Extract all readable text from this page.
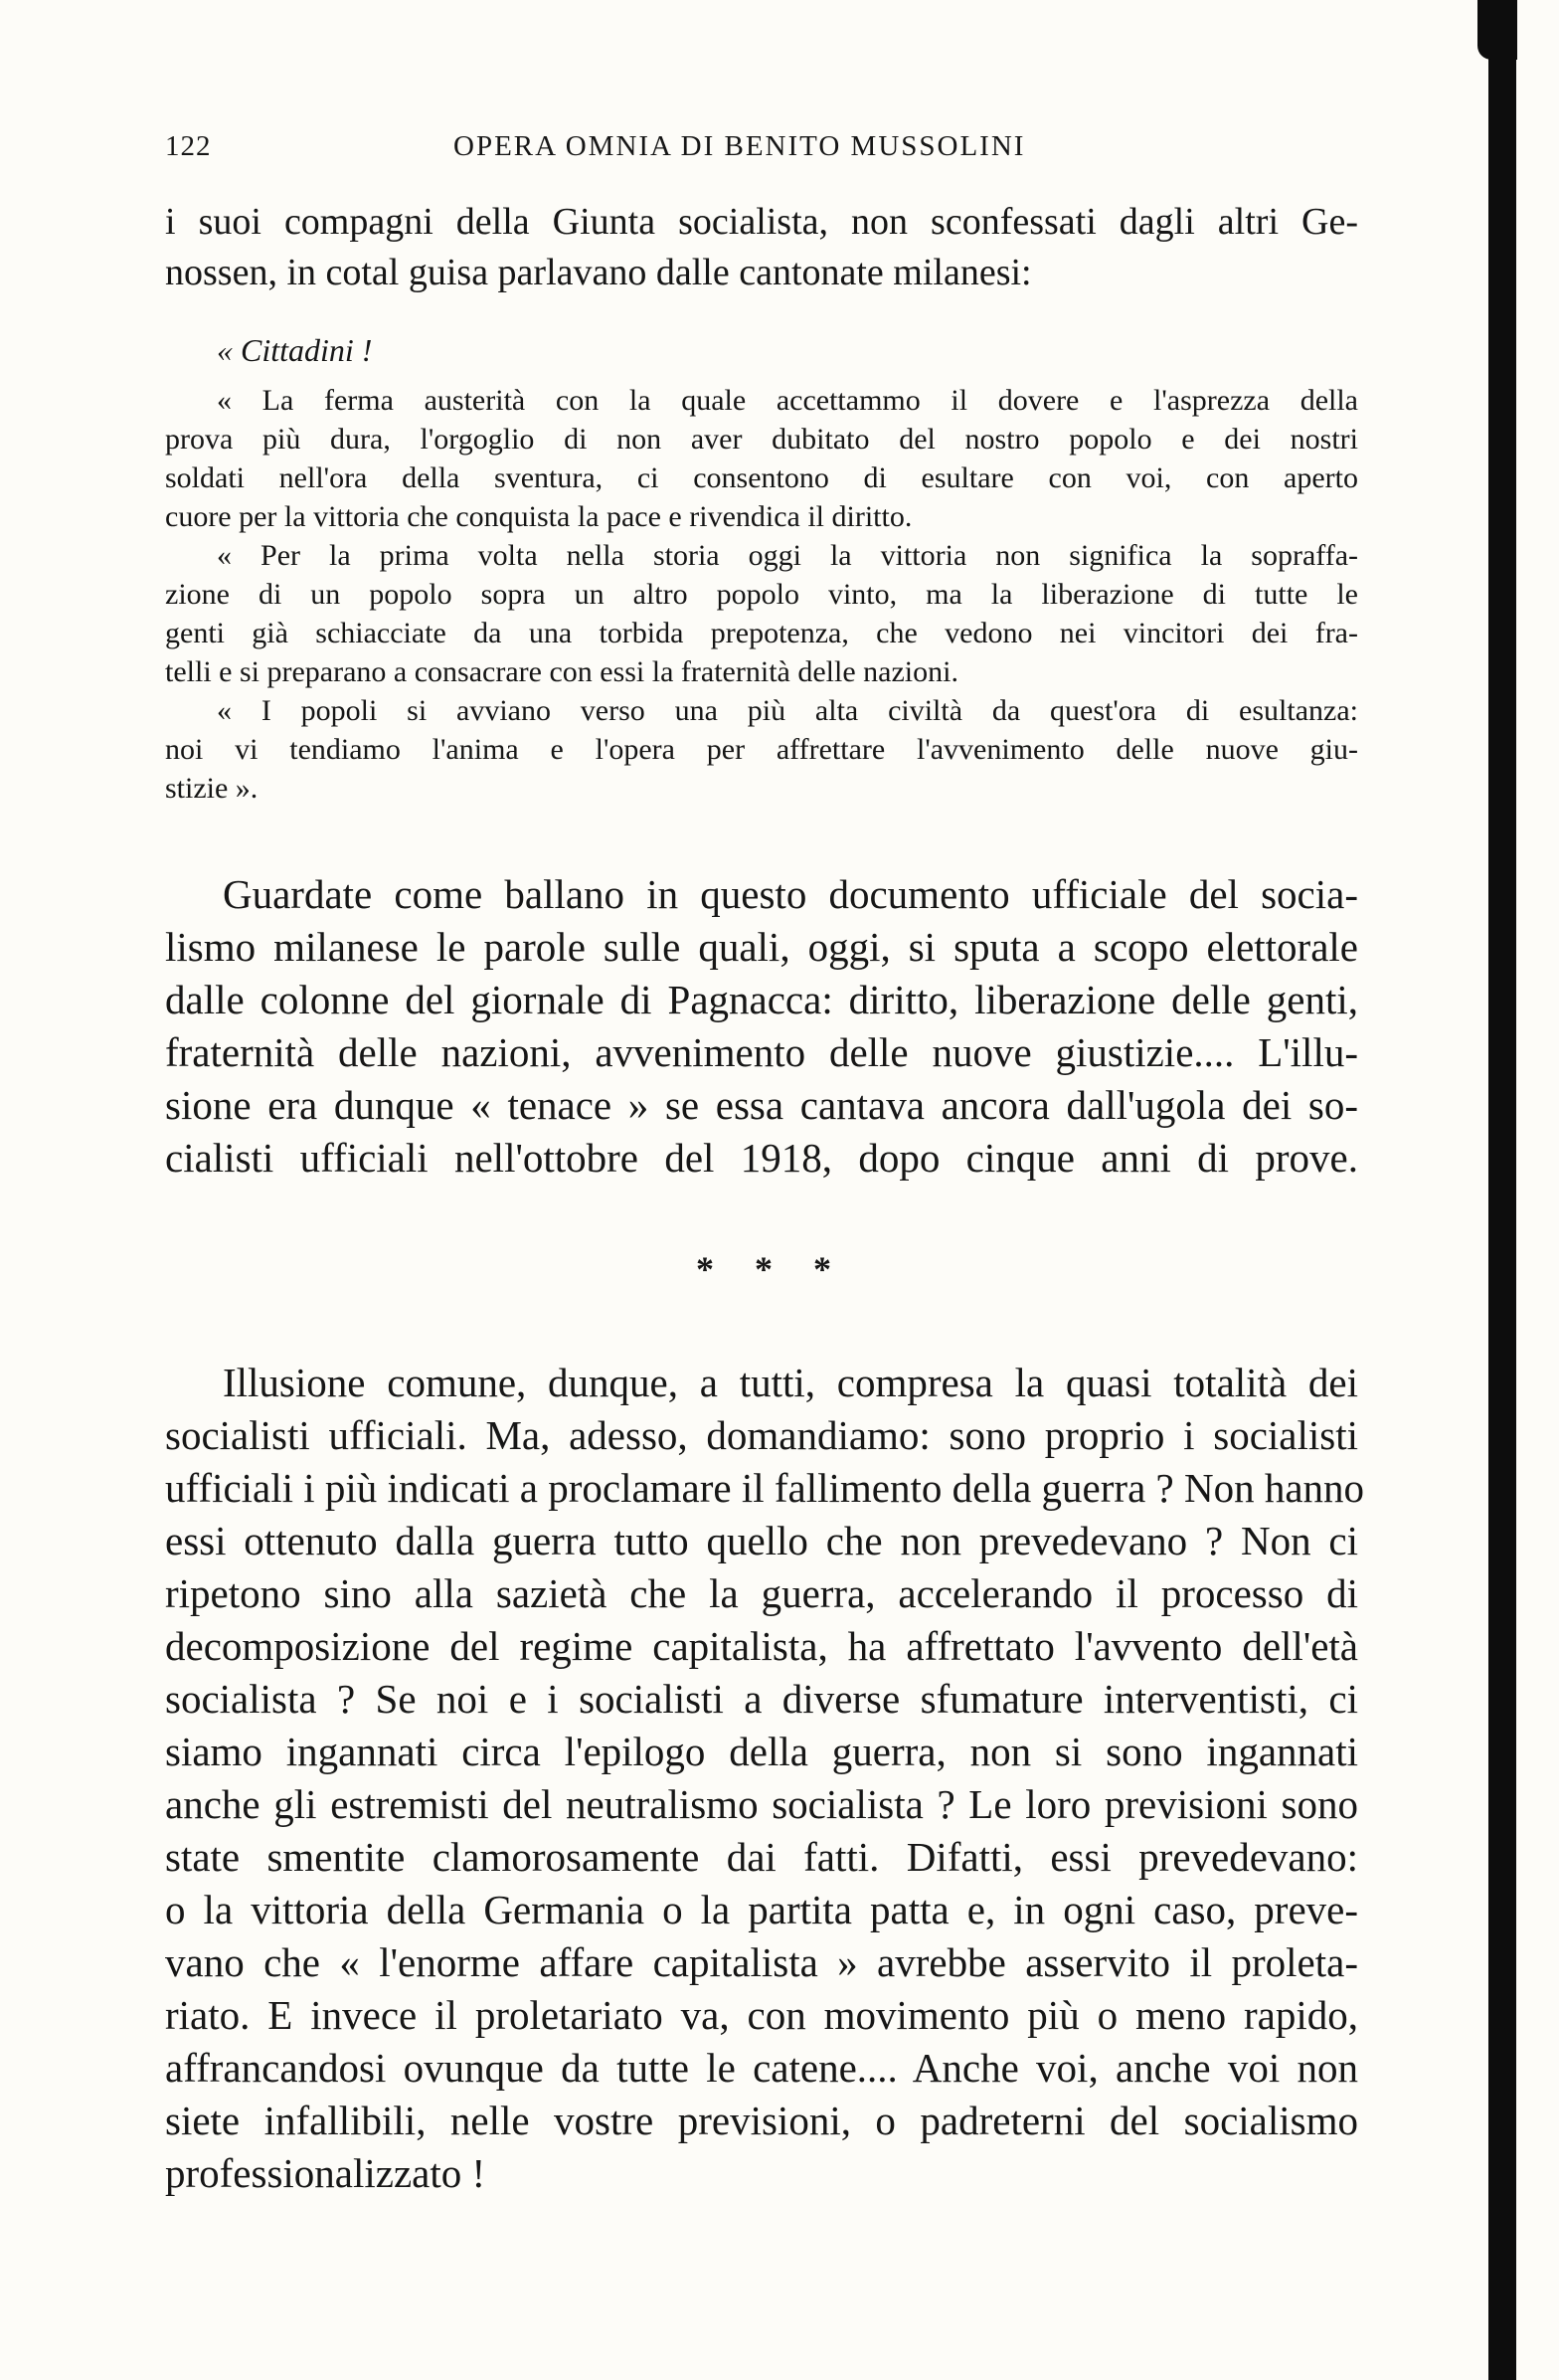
122	OPERA OMNIA DI BENITO MUSSOLINI
i suoi compagni della Giunta socialista, non sconfessati dagli altri Ge-
nossen, in cotal guisa parlavano dalle cantonate milanesi:
« Cittadini !
« La ferma austerità con la quale accettammo il dovere e l'asprezza della
prova più dura, l'orgoglio di non aver dubitato del nostro popolo e dei nostri
soldati nell'ora della sventura, ci consentono di esultare con voi, con aperto
cuore per la vittoria che conquista la pace e rivendica il diritto.
« Per la prima volta nella storia oggi la vittoria non significa la sopraffa-
zione di un popolo sopra un altro popolo vinto, ma la liberazione di tutte le
genti già schiacciate da una torbida prepotenza, che vedono nei vincitori dei fra-
telli e si preparano a consacrare con essi la fraternità delle nazioni.
« I popoli si avviano verso una più alta civiltà da quest'ora di esultanza:
noi vi tendiamo l'anima e l'opera per affrettare l'avvenimento delle nuove giu-
stizie ».
Guardate come ballano in questo documento ufficiale del socia-
lismo milanese le parole sulle quali, oggi, si sputa a scopo elettorale
dalle colonne del giornale di Pagnacca: diritto, liberazione delle genti,
fraternità delle nazioni, avvenimento delle nuove giustizie.... L'illu-
sione era dunque « tenace » se essa cantava ancora dall'ugola dei so-
cialisti ufficiali nell'ottobre del 1918, dopo cinque anni di prove.
* * *
Illusione comune, dunque, a tutti, compresa la quasi totalità dei
socialisti ufficiali. Ma, adesso, domandiamo: sono proprio i socialisti
ufficiali i più indicati a proclamare il fallimento della guerra ? Non hanno
essi ottenuto dalla guerra tutto quello che non prevedevano ? Non ci
ripetono sino alla sazietà che la guerra, accelerando il processo di
decomposizione del regime capitalista, ha affrettato l'avvento dell'età
socialista ? Se noi e i socialisti a diverse sfumature interventisti, ci
siamo ingannati circa l'epilogo della guerra, non si sono ingannati
anche gli estremisti del neutralismo socialista ? Le loro previsioni sono
state smentite clamorosamente dai fatti. Difatti, essi prevedevano:
o la vittoria della Germania o la partita patta e, in ogni caso, preve-
vano che « l'enorme affare capitalista » avrebbe asservito il proleta-
riato. E invece il proletariato va, con movimento più o meno rapido,
affrancandosi ovunque da tutte le catene.... Anche voi, anche voi non
siete infallibili, nelle vostre previsioni, o padreterni del socialismo
professionalizzato !
